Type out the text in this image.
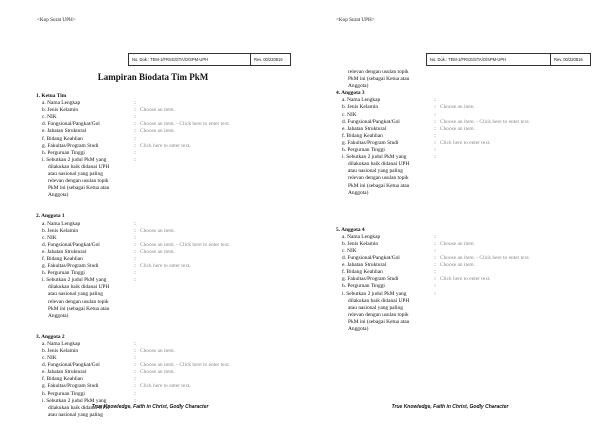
<Kop Surat UPH>
No. Dok.: TEM-1/FRSG/STA/O/SPM-UPH	Rev. 00/220816
Lampiran Biodata Tim PkM
1. Ketua Tim
a. Nama Lengkap	:
b. Jenis Kelamin	: Choose an item.
c. NIK	:
d. Fungsional/Pangkat/Gol	: Choose an item. - Click here to enter text.
e. Jabatan Struktural	: Choose an item.
f. Bidang Keahlian	:
g. Fakultas/Program Studi	: Click here to enter text.
h. Perguruan Tinggi	:
i. Sebutkan 2 judul PkM yang	:
dilakukan baik didanai UPH
atau nasional yang paling
relevan dengan usulan topik
PkM ini (sebagai Ketua atau
Anggota)
2. Anggota 1
a. Nama Lengkap	:
b. Jenis Kelamin	: Choose an item.
c. NIK	:
d. Fungsional/Pangkat/Gol	: Choose an item. - Click here to enter text.
e. Jabatan Struktural	: Choose an item.
f. Bidang Keahlian	:
g. Fakultas/Program Studi	: Click here to enter text.
h. Perguruan Tinggi	:
i. Sebutkan 2 judul PkM yang	:
dilakukan baik didanai UPH
atau nasional yang paling
relevan dengan usulan topik
PkM ini (sebagai Ketua atau
Anggota)
3. Anggota 2
a. Nama Lengkap	:
b. Jenis Kelamin	: Choose an item.
c. NIK	:
d. Fungsional/Pangkat/Gol	: Choose an item. - Click here to enter text.
e. Jabatan Struktural	: Choose an item.
f. Bidang Keahlian	:
g. Fakultas/Program Studi	: Click here to enter text.
h. Perguruan Tinggi	:
i. Sebutkan 2 judul PkM yang	:
dilakukan baik didanai UPH
atau nasional yang paling
True Knowledge, Faith in Christ, Godly Character
<Kop Surat UPH>
No. Dok.: TEM-1/FRSG/STA/O/SPM-UPH	Rev. 00/220816
relevan dengan usulan topik
PkM ini (sebagai Ketua atau
Anggota)
4. Anggota 3
a. Nama Lengkap	:
b. Jenis Kelamin	: Choose an item.
c. NIK	:
d. Fungsional/Pangkat/Gol	: Choose an item. - Click here to enter text.
e. Jabatan Struktural	: Choose an item.
f. Bidang Keahlian	:
g. Fakultas/Program Studi	: Click here to enter text.
h. Perguruan Tinggi	:
i. Sebutkan 2 judul PkM yang	:
dilakukan baik didanai UPH
atau nasional yang paling
relevan dengan usulan topik
PkM ini (sebagai Ketua atau
Anggota)
5. Anggota 4
a. Nama Lengkap	:
b. Jenis Kelamin	: Choose an item.
c. NIK	:
d. Fungsional/Pangkat/Gol	: Choose an item. - Click here to enter text.
e. Jabatan Struktural	: Choose an item.
f. Bidang Keahlian	:
g. Fakultas/Program Studi	: Click here to enter text.
h. Perguruan Tinggi	:
i. Sebutkan 2 judul PkM yang	:
dilakukan baik didanai UPH
atau nasional yang paling
relevan dengan usulan topik
PkM ini (sebagai Ketua atau
Anggota)
True Knowledge, Faith in Christ, Godly Character
